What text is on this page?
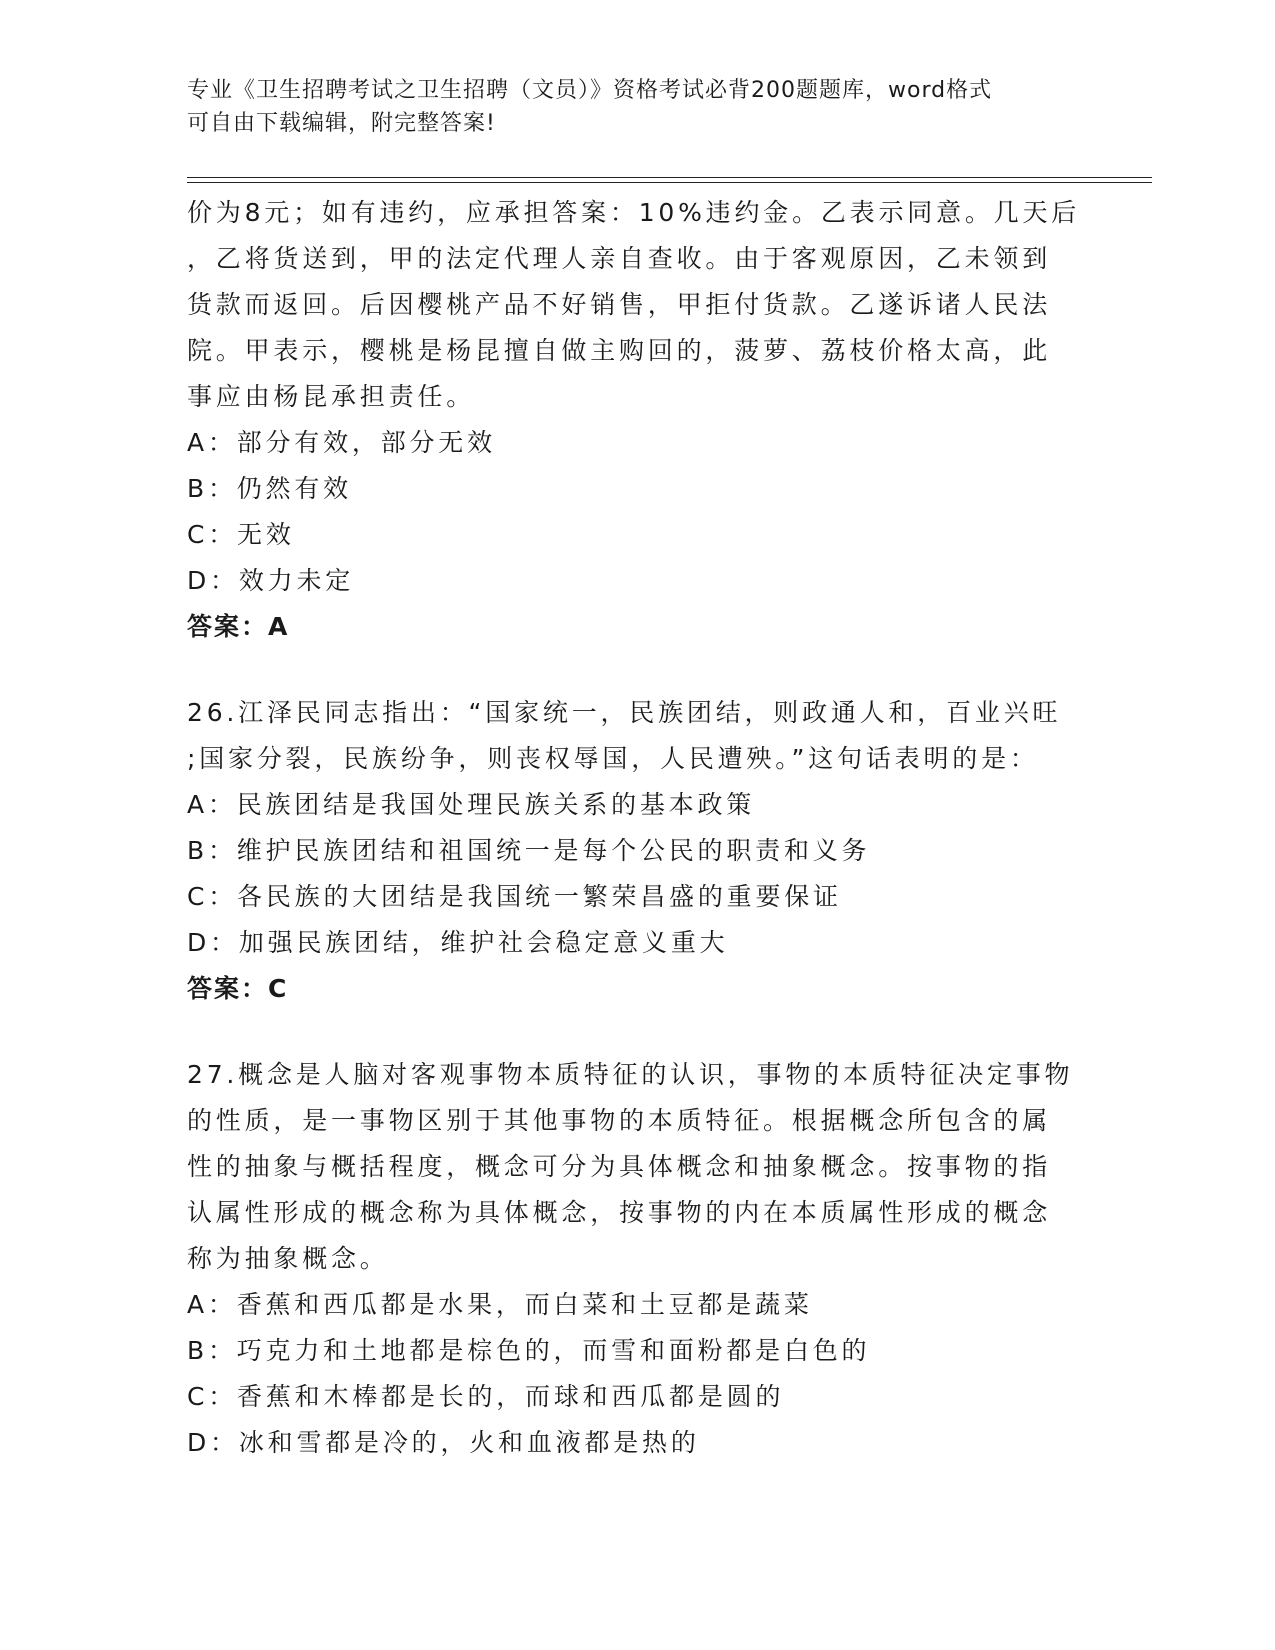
专业《卫生招聘考试之卫生招聘（文员）》资格考试必背200题题库，word格式
可自由下载编辑，附完整答案!

价为8元；如有违约，应承担答案：10%违约金。乙表示同意。几天后

，乙将货送到，甲的法定代理人亲自查收。由于客观原因，乙未领到

货款而返回。后因樱桃产品不好销售，甲拒付货款。乙遂诉诸人民法

院。甲表示，樱桃是杨昆擅自做主购回的，菠萝、荔枝价格太高，此

事应由杨昆承担责任。

A：部分有效，部分无效

B：仍然有效

C：无效

D：效力未定

答案：A

26.江泽民同志指出：“国家统一，民族团结，则政通人和，百业兴旺

;国家分裂，民族纷争，则丧权辱国，人民遭殃。”这句话表明的是：

A：民族团结是我国处理民族关系的基本政策

B：维护民族团结和祖国统一是每个公民的职责和义务

C：各民族的大团结是我国统一繁荣昌盛的重要保证

D：加强民族团结，维护社会稳定意义重大

答案：C

27.概念是人脑对客观事物本质特征的认识，事物的本质特征决定事物

的性质，是一事物区别于其他事物的本质特征。根据概念所包含的属

性的抽象与概括程度，概念可分为具体概念和抽象概念。按事物的指

认属性形成的概念称为具体概念，按事物的内在本质属性形成的概念

称为抽象概念。

A：香蕉和西瓜都是水果，而白菜和土豆都是蔬菜

B：巧克力和土地都是棕色的，而雪和面粉都是白色的

C：香蕉和木棒都是长的，而球和西瓜都是圆的

D：冰和雪都是冷的，火和血液都是热的
